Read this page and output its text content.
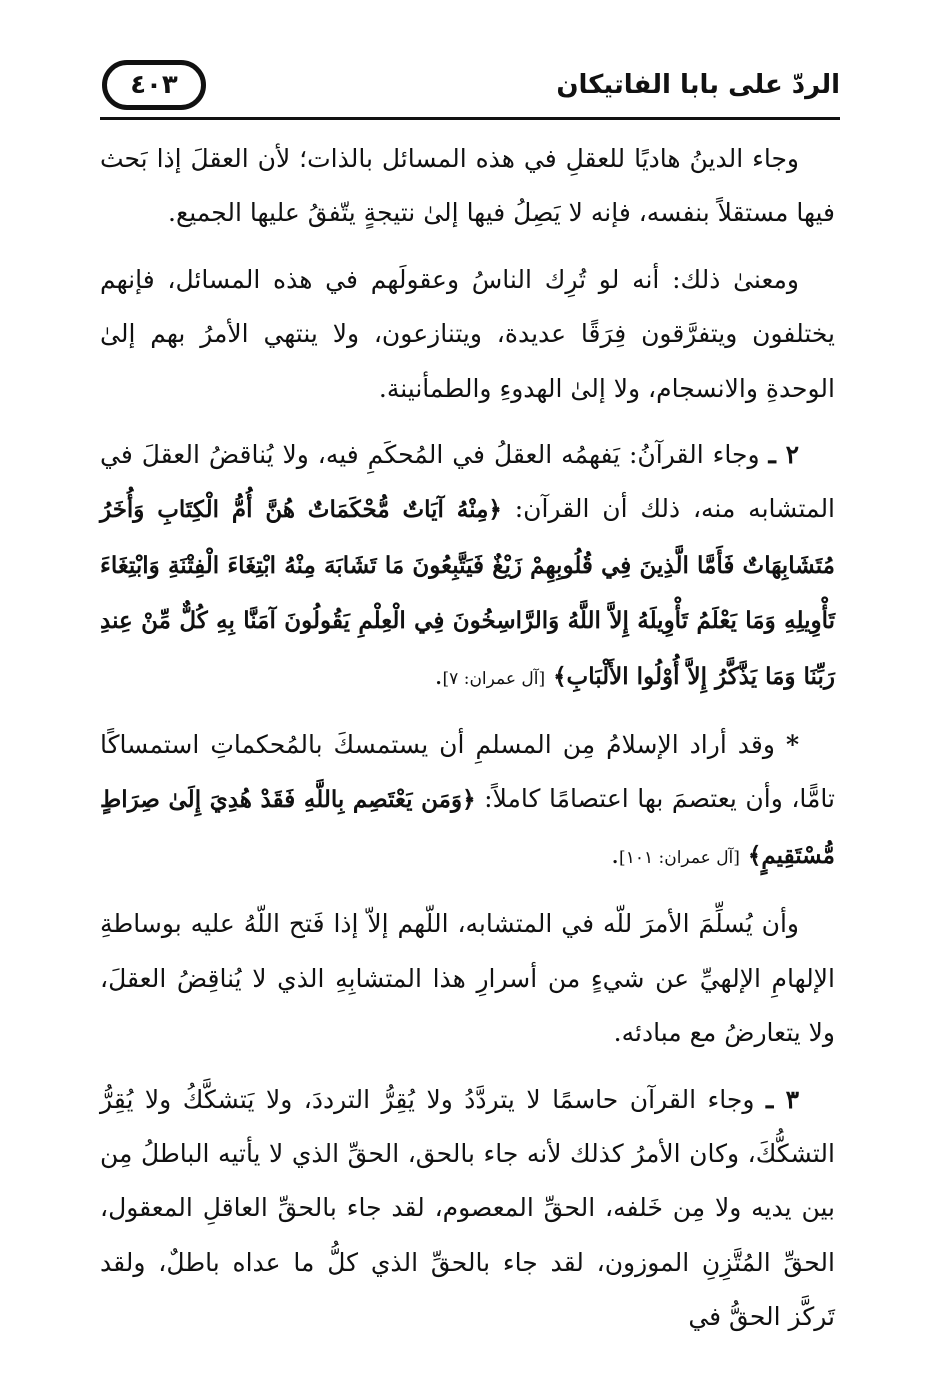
٤٠٣	الردّ على بابا الفاتيكان

وجاء الدينُ هاديًا للعقلِ في هذه المسائل بالذات؛ لأن العقلَ إذا بَحث فيها مستقلاً بنفسه، فإنه لا يَصِلُ فيها إلىٰ نتيجةٍ يتّفقُ عليها الجميع.

ومعنىٰ ذلك: أنه لو تُرِك الناسُ وعقولَهم في هذه المسائل، فإنهم يختلفون ويتفرَّقون فِرَقًا عديدة، ويتنازعون، ولا ينتهي الأمرُ بهم إلىٰ الوحدةِ والانسجام، ولا إلىٰ الهدوءِ والطمأنينة.

٢ ـ وجاء القرآنُ: يَفهمُه العقلُ في المُحكَمِ فيه، ولا يُناقضُ العقلَ في المتشابه منه، ذلك أن القرآن: ﴿مِنْهُ آيَاتٌ مُّحْكَمَاتٌ هُنَّ أُمُّ الْكِتَابِ وَأُخَرُ مُتَشَابِهَاتٌ فَأَمَّا الَّذِينَ فِي قُلُوبِهِمْ زَيْغٌ فَيَتَّبِعُونَ مَا تَشَابَهَ مِنْهُ ابْتِغَاءَ الْفِتْنَةِ وَابْتِغَاءَ تَأْوِيلِهِ وَمَا يَعْلَمُ تَأْوِيلَهُ إِلاَّ اللَّهُ وَالرَّاسِخُونَ فِي الْعِلْمِ يَقُولُونَ آمَنَّا بِهِ كُلٌّ مِّنْ عِندِ رَبِّنَا وَمَا يَذَّكَّرُ إِلاَّ أُوْلُوا الأَلْبَابِ﴾ [آل عمران: ٧].

* وقد أراد الإسلامُ مِن المسلمِ أن يستمسكَ بالمُحكماتِ استمساكًا تامًّا، وأن يعتصمَ بها اعتصامًا كاملاً: ﴿وَمَن يَعْتَصِم بِاللَّهِ فَقَدْ هُدِيَ إِلَىٰ صِرَاطٍ مُّسْتَقِيمٍ﴾ [آل عمران: ١٠١].

وأن يُسلِّمَ الأمرَ للّه في المتشابه، اللّهم إلاّ إذا فَتح اللّهُ عليه بوساطةِ الإلهامِ الإلهيِّ عن شيءٍ من أسرارِ هذا المتشابِهِ الذي لا يُناقِضُ العقلَ، ولا يتعارضُ مع مبادئه.

٣ ـ وجاء القرآن حاسمًا لا يتردَّدُ ولا يُقِرُّ الترددَ، ولا يَتشكَّكُ ولا يُقِرُّ التشكُّكَ، وكان الأمرُ كذلك لأنه جاء بالحق، الحقِّ الذي لا يأتيه الباطلُ مِن بين يديه ولا مِن خَلفه، الحقِّ المعصوم، لقد جاء بالحقِّ العاقلِ المعقول، الحقِّ المُتَّزِنِ الموزون، لقد جاء بالحقِّ الذي كلُّ ما عداه باطلٌ، ولقد تَركَّز الحقُّ في
